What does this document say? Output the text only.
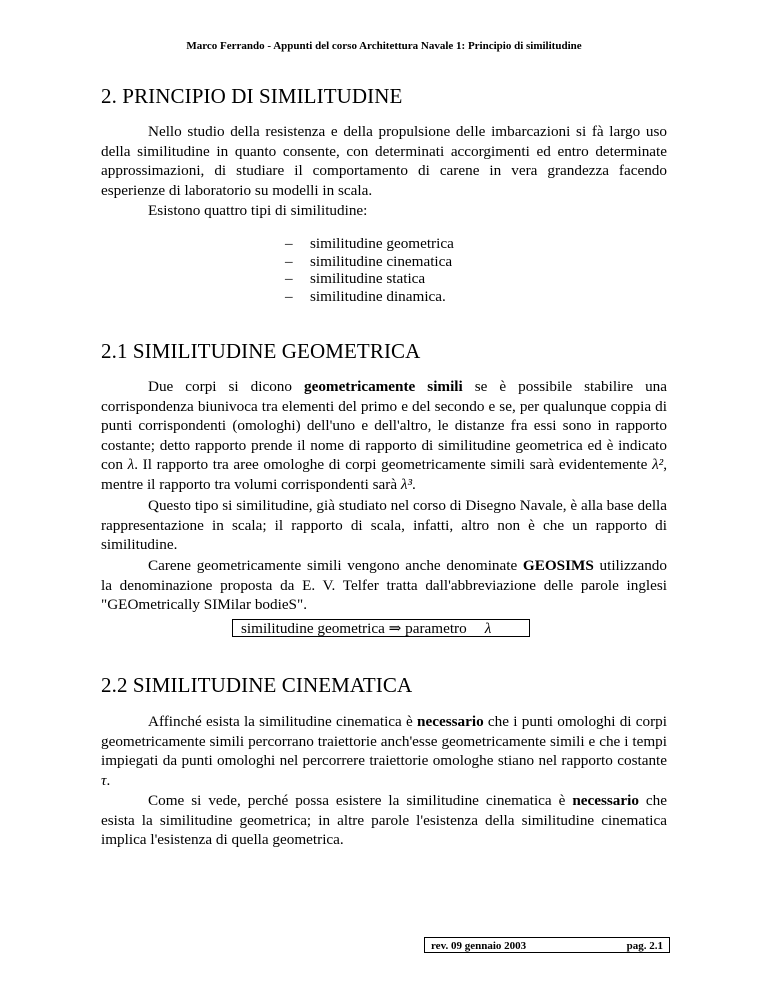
Marco Ferrando - Appunti del corso Architettura Navale 1: Principio di similitudine
2. PRINCIPIO DI SIMILITUDINE

Nello studio della resistenza e della propulsione delle imbarcazioni si fà largo uso della similitudine in quanto consente, con determinati accorgimenti ed entro determinate approssimazioni, di studiare il comportamento di carene in vera grandezza facendo esperienze di laboratorio su modelli in scala.

Esistono quattro tipi di similitudine:

–	similitudine geometrica
–	similitudine cinematica
–	similitudine statica
–	similitudine dinamica.
2.1 SIMILITUDINE GEOMETRICA

Due corpi si dicono geometricamente simili se è possibile stabilire una corrispondenza biunivoca tra elementi del primo e del secondo e se, per qualunque coppia di punti corrispondenti (omologhi) dell'uno e dell'altro, le distanze fra essi sono in rapporto costante; detto rapporto prende il nome di rapporto di similitudine geometrica ed è indicato con λ. Il rapporto tra aree omologhe di corpi geometricamente simili sarà evidentemente λ², mentre il rapporto tra volumi corrispondenti sarà λ³.

Questo tipo si similitudine, già studiato nel corso di Disegno Navale, è alla base della rappresentazione in scala; il rapporto di scala, infatti, altro non è che un rapporto di similitudine.

Carene geometricamente simili vengono anche denominate GEOSIMS utilizzando la denominazione proposta da E. V. Telfer tratta dall'abbreviazione delle parole inglesi "GEOmetrically SIMilar bodieS".

similitudine geometrica ⇒ parametro λ
2.2 SIMILITUDINE CINEMATICA

Affinché esista la similitudine cinematica è necessario che i punti omologhi di corpi geometricamente simili percorrano traiettorie anch'esse geometricamente simili e che i tempi impiegati da punti omologhi nel percorrere traiettorie omologhe stiano nel rapporto costante τ.

Come si vede, perché possa esistere la similitudine cinematica è necessario che esista la similitudine geometrica; in altre parole l'esistenza della similitudine cinematica implica l'esistenza di quella geometrica.

rev. 09 gennaio 2003	pag. 2.1
